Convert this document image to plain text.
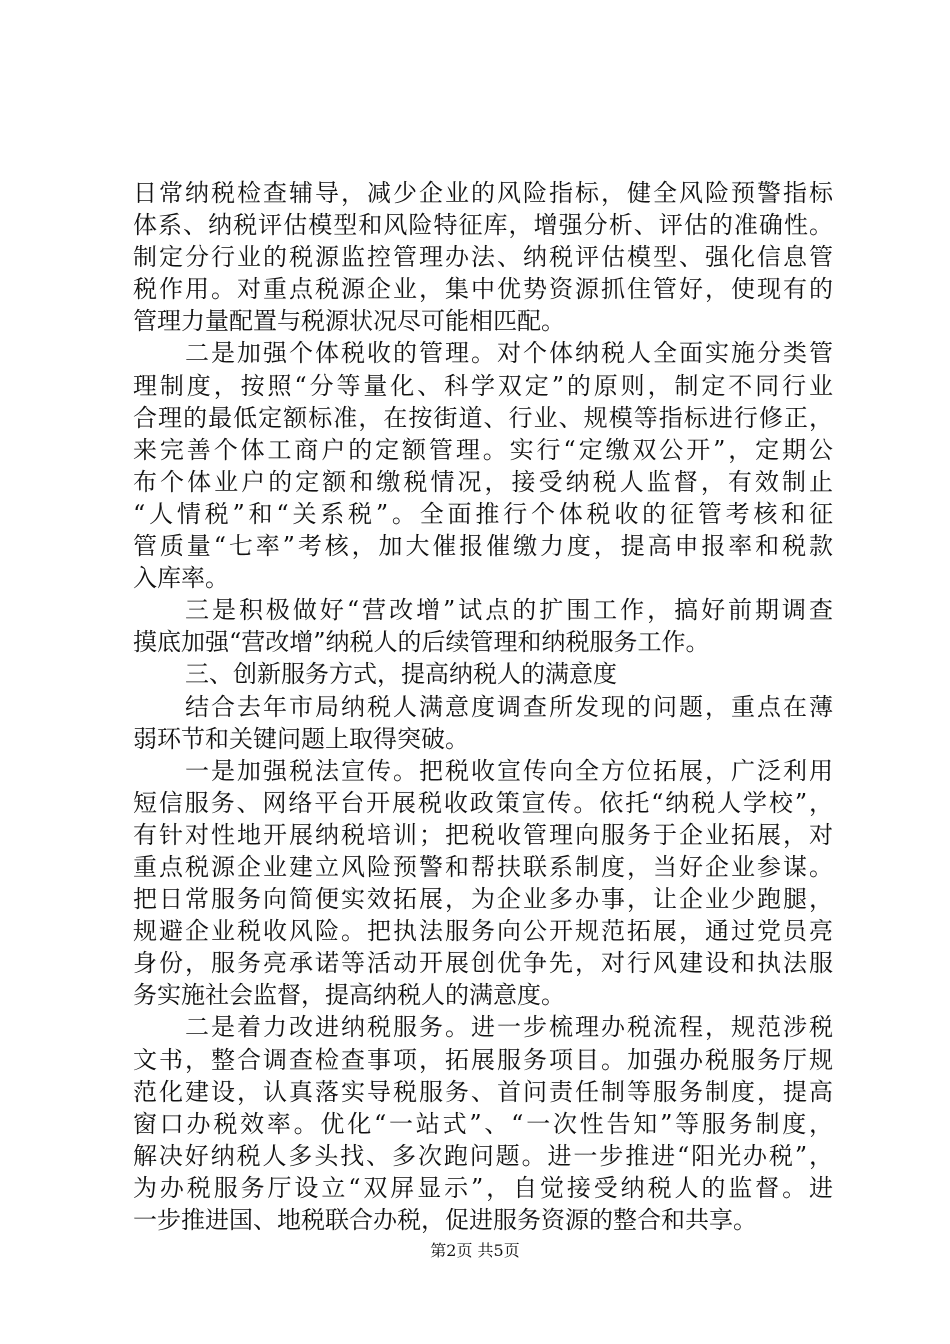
日常纳税检查辅导，减少企业的风险指标，健全风险预警指标
体系、纳税评估模型和风险特征库，增强分析、评估的准确性。
制定分行业的税源监控管理办法、纳税评估模型、强化信息管
税作用。对重点税源企业，集中优势资源抓住管好，使现有的
管理力量配置与税源状况尽可能相匹配。
二是加强个体税收的管理。对个体纳税人全面实施分类管
理制度，按照“分等量化、科学双定”的原则，制定不同行业
合理的最低定额标准，在按街道、行业、规模等指标进行修正，
来完善个体工商户的定额管理。实行“定缴双公开”，定期公
布个体业户的定额和缴税情况，接受纳税人监督，有效制止
“人情税”和“关系税”。全面推行个体税收的征管考核和征
管质量“七率”考核，加大催报催缴力度，提高申报率和税款
入库率。
三是积极做好“营改增”试点的扩围工作，搞好前期调查
摸底加强“营改增”纳税人的后续管理和纳税服务工作。
三、创新服务方式，提高纳税人的满意度
结合去年市局纳税人满意度调查所发现的问题，重点在薄
弱环节和关键问题上取得突破。
一是加强税法宣传。把税收宣传向全方位拓展，广泛利用
短信服务、网络平台开展税收政策宣传。依托“纳税人学校”，
有针对性地开展纳税培训；把税收管理向服务于企业拓展，对
重点税源企业建立风险预警和帮扶联系制度，当好企业参谋。
把日常服务向简便实效拓展，为企业多办事，让企业少跑腿，
规避企业税收风险。把执法服务向公开规范拓展，通过党员亮
身份，服务亮承诺等活动开展创优争先，对行风建设和执法服
务实施社会监督，提高纳税人的满意度。
二是着力改进纳税服务。进一步梳理办税流程，规范涉税
文书，整合调查检查事项，拓展服务项目。加强办税服务厅规
范化建设，认真落实导税服务、首问责任制等服务制度，提高
窗口办税效率。优化“一站式”、“一次性告知”等服务制度，
解决好纳税人多头找、多次跑问题。进一步推进“阳光办税”，
为办税服务厅设立“双屏显示”，自觉接受纳税人的监督。进
一步推进国、地税联合办税，促进服务资源的整合和共享。
第2页 共5页
